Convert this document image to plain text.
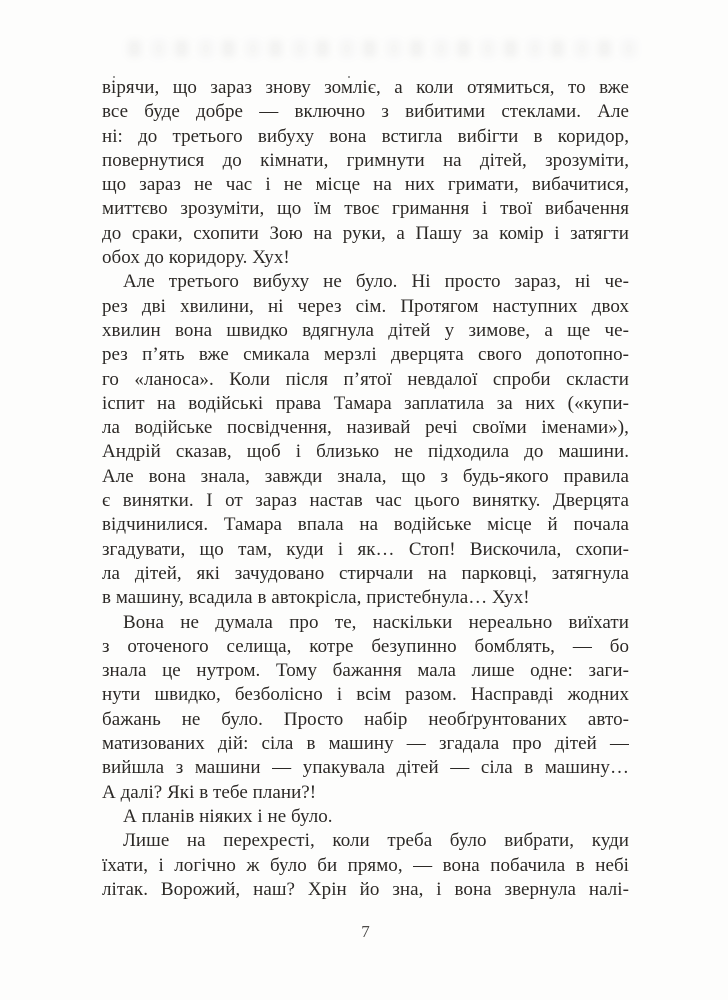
вірячи, що зараз знову зомліє, а коли отямиться, то вже
все буде добре — включно з вибитими стеклами. Але
ні: до третього вибуху вона встигла вибігти в коридор,
повернутися до кімнати, гримнути на дітей, зрозуміти,
що зараз не час і не місце на них гримати, вибачитися,
миттєво зрозуміти, що їм твоє гримання і твої вибачення
до сраки, схопити Зою на руки, а Пашу за комір і затягти
обох до коридору. Хух!
Але третього вибуху не було. Ні просто зараз, ні че-
рез дві хвилини, ні через сім. Протягом наступних двох
хвилин вона швидко вдягнула дітей у зимове, а ще че-
рез п’ять вже смикала мерзлі дверцята свого допотопно-
го «ланоса». Коли після п’ятої невдалої спроби скласти
іспит на водійські права Тамара заплатила за них («купи-
ла водійське посвідчення, називай речі своїми іменами»),
Андрій сказав, щоб і близько не підходила до машини.
Але вона знала, завжди знала, що з будь-якого правила
є винятки. І от зараз настав час цього винятку. Дверцята
відчинилися. Тамара впала на водійське місце й почала
згадувати, що там, куди і як… Стоп! Вискочила, схопи-
ла дітей, які зачудовано стирчали на парковці, затягнула
в машину, всадила в автокрісла, пристебнула… Хух!
Вона не думала про те, наскільки нереально виїхати
з оточеного селища, котре безупинно бомблять, — бо
знала це нутром. Тому бажання мала лише одне: заги-
нути швидко, безболісно і всім разом. Насправді жодних
бажань не було. Просто набір необґрунтованих авто-
матизованих дій: сіла в машину — згадала про дітей —
вийшла з машини — упакувала дітей — сіла в машину…
А далі? Які в тебе плани?!
А планів ніяких і не було.
Лише на перехресті, коли треба було вибрати, куди
їхати, і логічно ж було би прямо, — вона побачила в небі
літак. Ворожий, наш? Хрін йо зна, і вона звернула налі-
7
